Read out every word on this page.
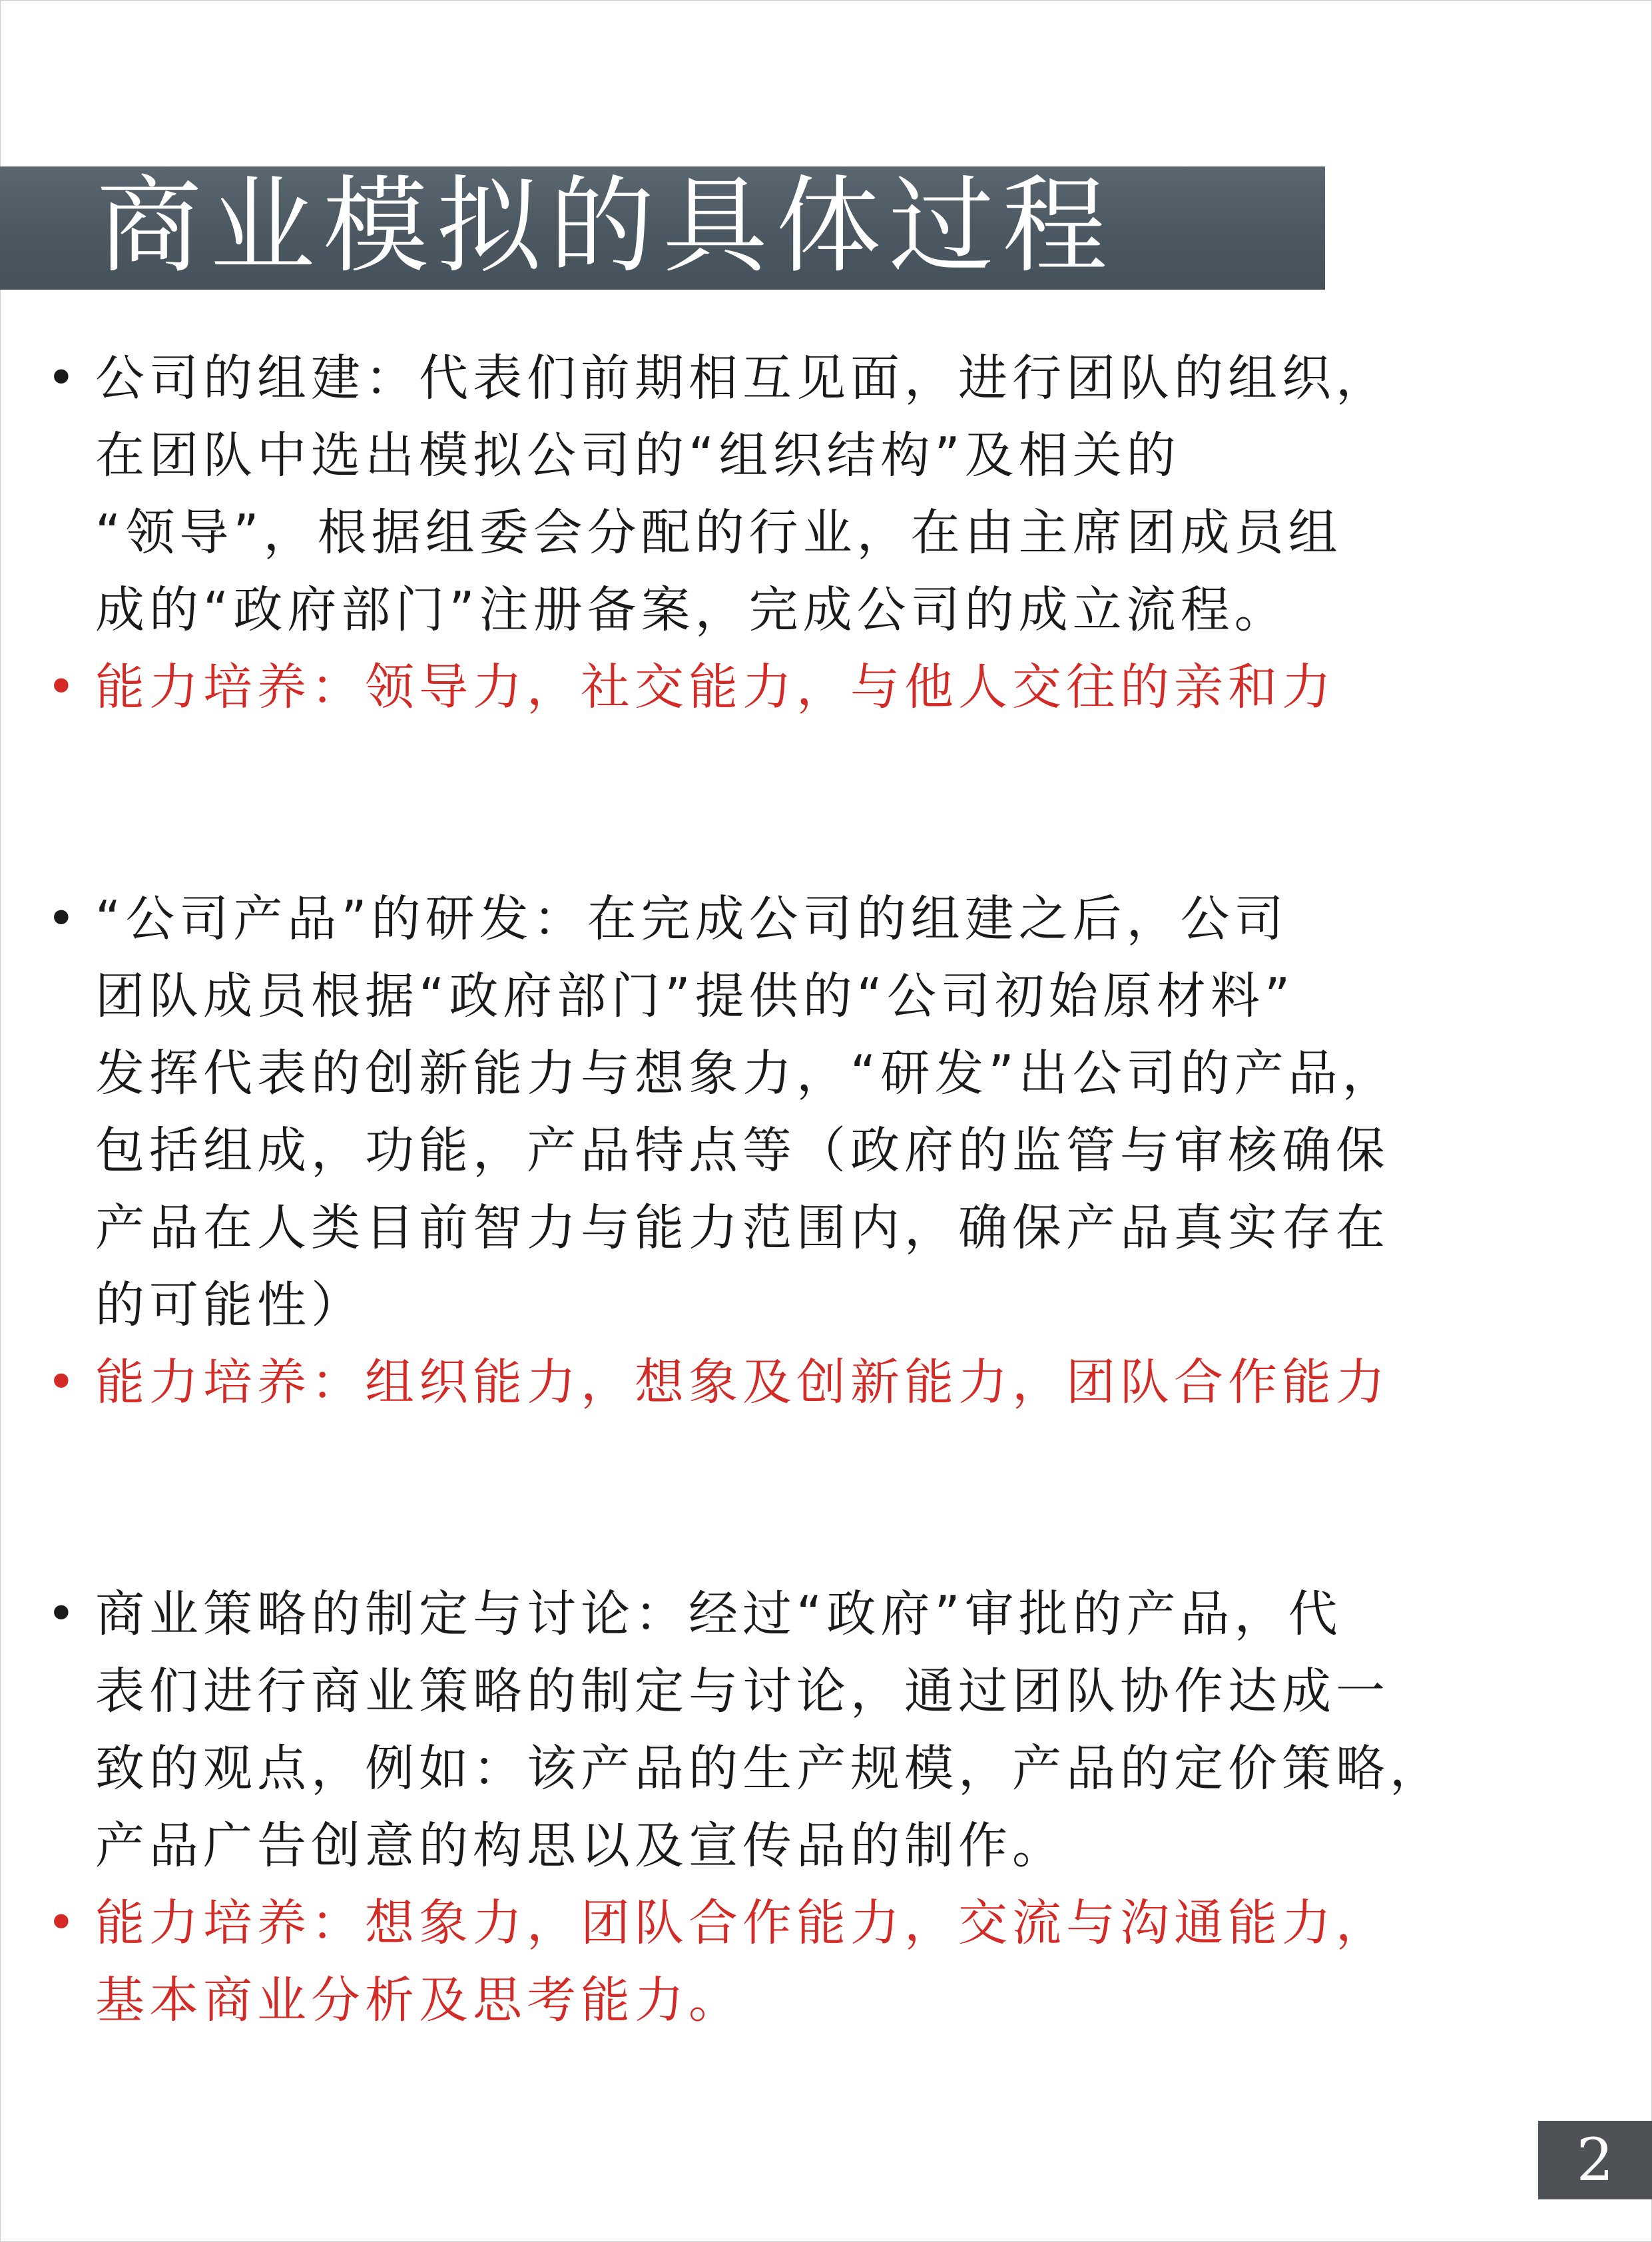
商业模拟的具体过程
• 公司的组建：代表们前期相互见面，进行团队的组织，
在团队中选出模拟公司的“组织结构”及相关的
“领导”，根据组委会分配的行业，在由主席团成员组
成的“政府部门”注册备案，完成公司的成立流程。
• 能力培养：领导力，社交能力，与他人交往的亲和力
• “公司产品”的研发：在完成公司的组建之后，公司
团队成员根据“政府部门”提供的“公司初始原材料”
发挥代表的创新能力与想象力，“研发”出公司的产品，
包括组成，功能，产品特点等（政府的监管与审核确保
产品在人类目前智力与能力范围内，确保产品真实存在
的可能性）
• 能力培养：组织能力，想象及创新能力，团队合作能力
• 商业策略的制定与讨论：经过“政府”审批的产品，代
表们进行商业策略的制定与讨论，通过团队协作达成一
致的观点，例如：该产品的生产规模，产品的定价策略，
产品广告创意的构思以及宣传品的制作。
• 能力培养：想象力，团队合作能力，交流与沟通能力，
基本商业分析及思考能力。
2
